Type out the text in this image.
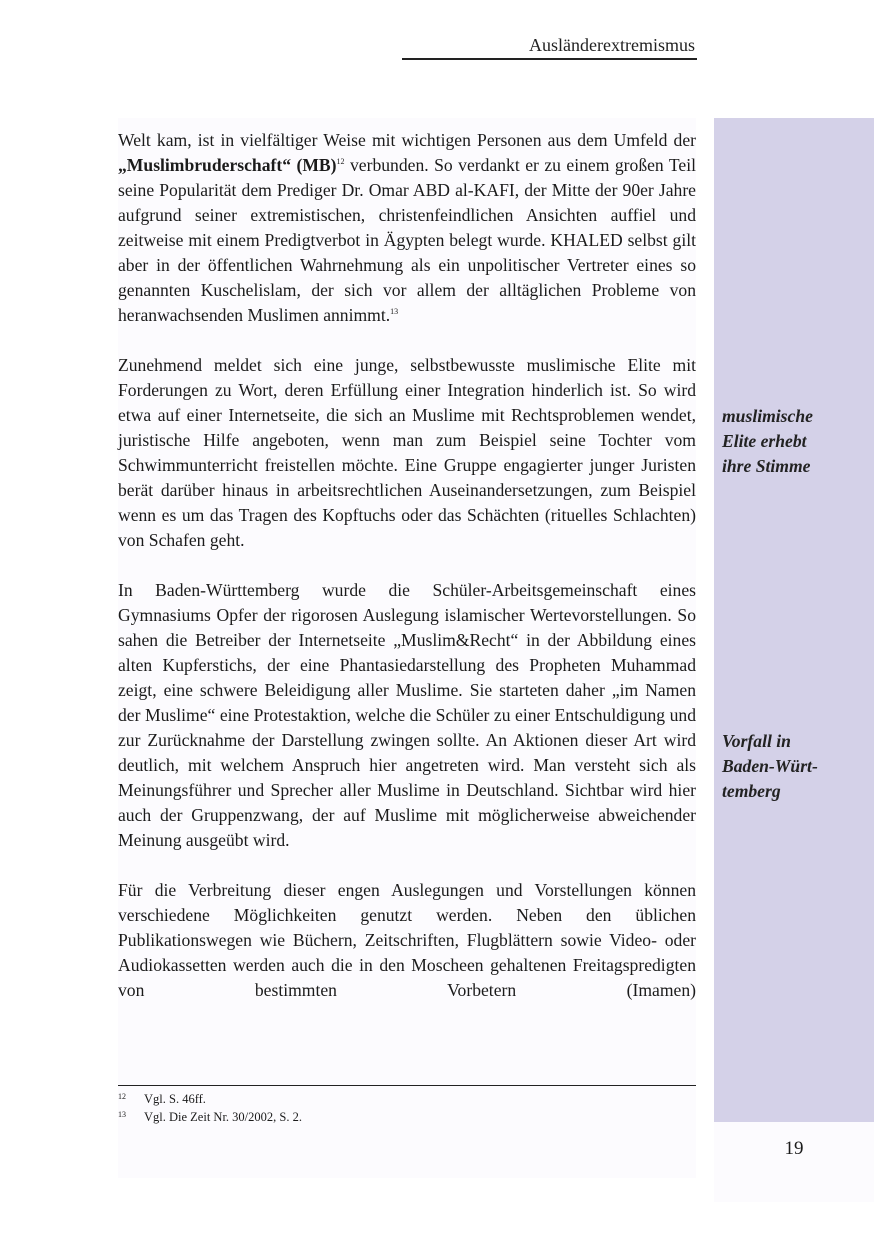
Ausländerextremismus

Welt kam, ist in vielfältiger Weise mit wichtigen Personen aus dem Umfeld der „Muslimbruderschaft“ (MB)$^{12}$ verbunden. So verdankt er zu einem großen Teil seine Popularität dem Prediger Dr. Omar ABD al-KAFI, der Mitte der 90er Jahre aufgrund seiner extremistischen, christenfeindlichen Ansichten auffiel und zeitweise mit einem Predigtverbot in Ägypten belegt wurde. KHALED selbst gilt aber in der öffentlichen Wahrnehmung als ein unpolitischer Vertreter eines so genannten Kuschelislam, der sich vor allem der alltäglichen Probleme von heranwachsenden Muslimen annimmt.$^{13}$

Zunehmend meldet sich eine junge, selbstbewusste muslimische Elite mit Forderungen zu Wort, deren Erfüllung einer Integration hinderlich ist. So wird etwa auf einer Internetseite, die sich an Muslime mit Rechtsproblemen wendet, juristische Hilfe angeboten, wenn man zum Beispiel seine Tochter vom Schwimmunterricht freistellen möchte. Eine Gruppe engagierter junger Juristen berät darüber hinaus in arbeitsrechtlichen Auseinandersetzungen, zum Beispiel wenn es um das Tragen des Kopftuchs oder das Schächten (rituelles Schlachten) von Schafen geht.

In Baden-Württemberg wurde die Schüler-Arbeitsgemeinschaft eines Gymnasiums Opfer der rigorosen Auslegung islamischer Wertevorstellungen. So sahen die Betreiber der Internetseite „Muslim&Recht“ in der Abbildung eines alten Kupferstichs, der eine Phantasiedarstellung des Propheten Muhammad zeigt, eine schwere Beleidigung aller Muslime. Sie starteten daher „im Namen der Muslime“ eine Protestaktion, welche die Schüler zu einer Entschuldigung und zur Zurücknahme der Darstellung zwingen sollte. An Aktionen dieser Art wird deutlich, mit welchem Anspruch hier angetreten wird. Man versteht sich als Meinungsführer und Sprecher aller Muslime in Deutschland. Sichtbar wird hier auch der Gruppenzwang, der auf Muslime mit möglicherweise abweichender Meinung ausgeübt wird.

Für die Verbreitung dieser engen Auslegungen und Vorstellungen können verschiedene Möglichkeiten genutzt werden. Neben den üblichen Publikationswegen wie Büchern, Zeitschriften, Flugblättern sowie Video- oder Audiokassetten werden auch die in den Moscheen gehaltenen Freitagspredigten von bestimmten Vorbetern (Imamen)

muslimische
Elite erhebt
ihre Stimme
Vorfall in
Baden-Würt-
temberg
12	Vgl. S. 46ff.
13	Vgl. Die Zeit Nr. 30/2002, S. 2.
19
